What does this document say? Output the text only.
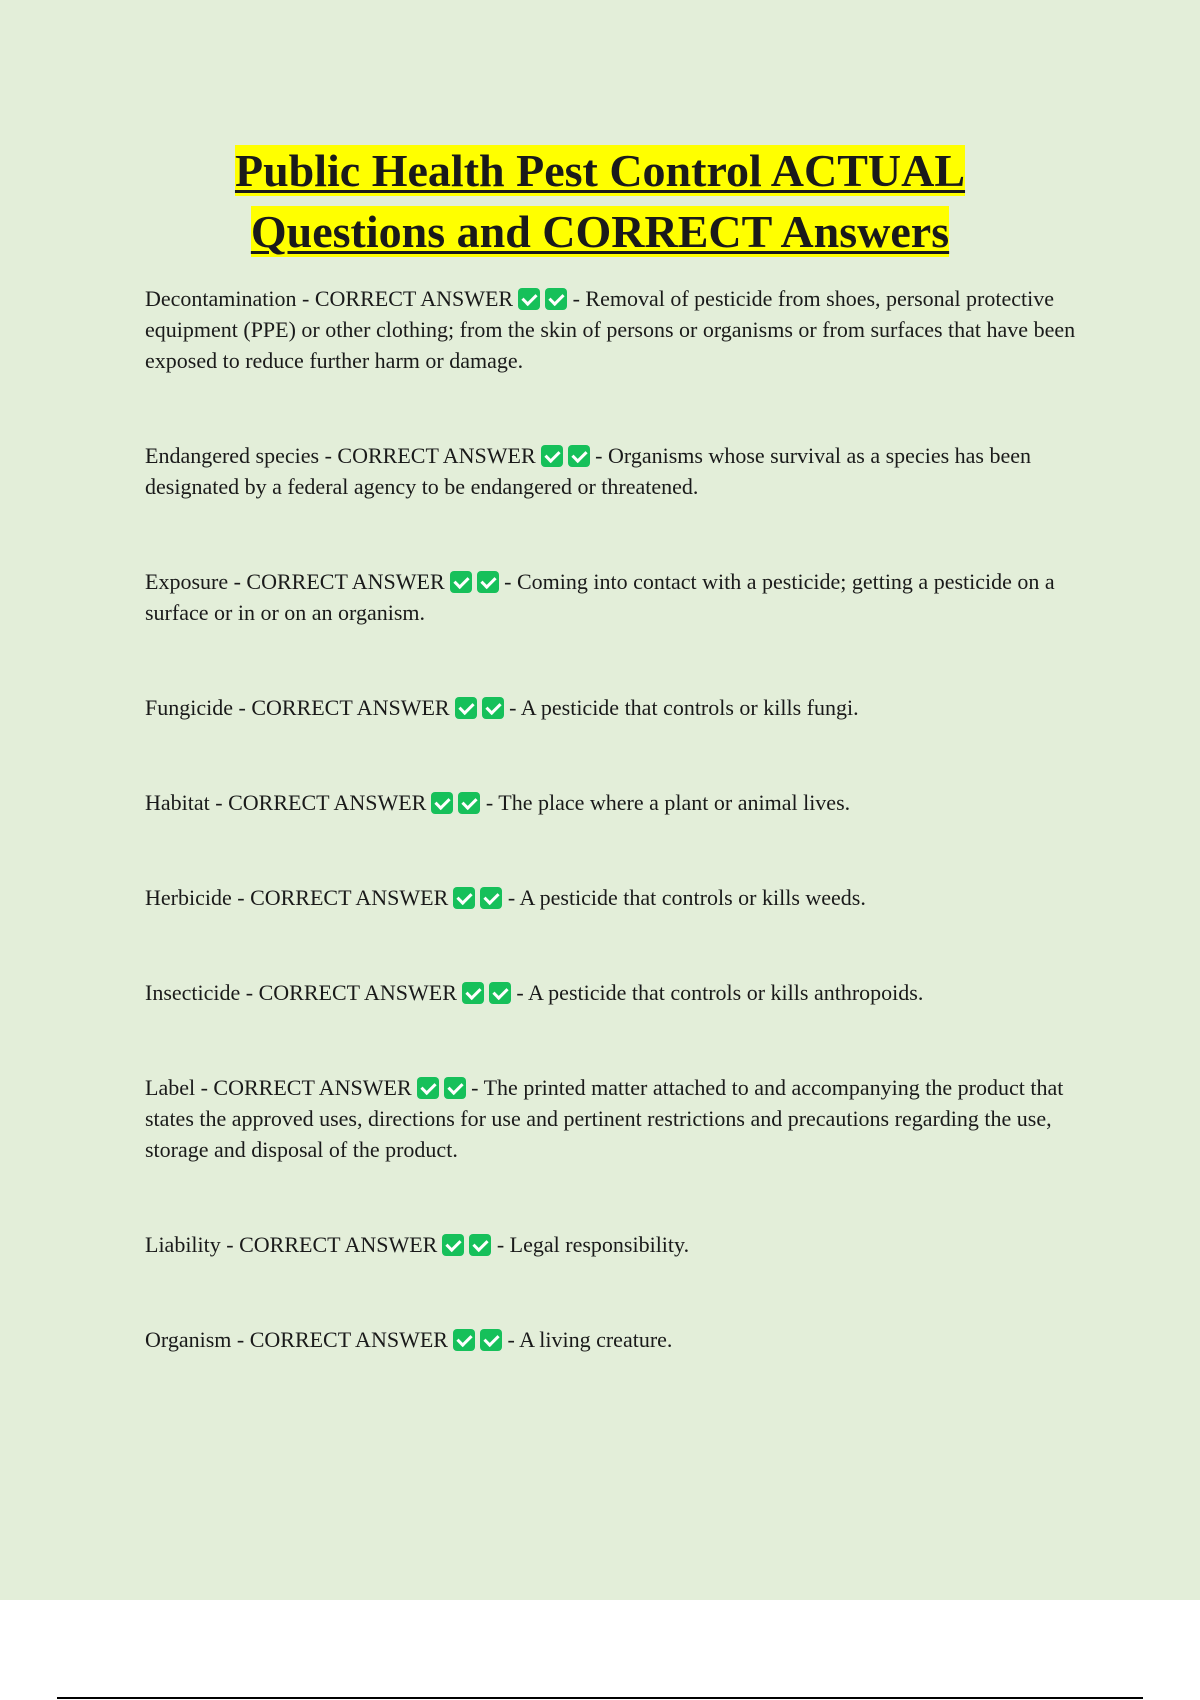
Public Health Pest Control ACTUAL
Questions and CORRECT Answers

Decontamination - CORRECT ANSWER - Removal of pesticide from shoes, personal protective equipment (PPE) or other clothing; from the skin of persons or organisms or from surfaces that have been exposed to reduce further harm or damage.

Endangered species - CORRECT ANSWER - Organisms whose survival as a species has been designated by a federal agency to be endangered or threatened.

Exposure - CORRECT ANSWER - Coming into contact with a pesticide; getting a pesticide on a surface or in or on an organism.

Fungicide - CORRECT ANSWER - A pesticide that controls or kills fungi.

Habitat - CORRECT ANSWER - The place where a plant or animal lives.

Herbicide - CORRECT ANSWER - A pesticide that controls or kills weeds.

Insecticide - CORRECT ANSWER - A pesticide that controls or kills anthropoids.

Label - CORRECT ANSWER - The printed matter attached to and accompanying the product that states the approved uses, directions for use and pertinent restrictions and precautions regarding the use, storage and disposal of the product.

Liability - CORRECT ANSWER - Legal responsibility.

Organism - CORRECT ANSWER - A living creature.
